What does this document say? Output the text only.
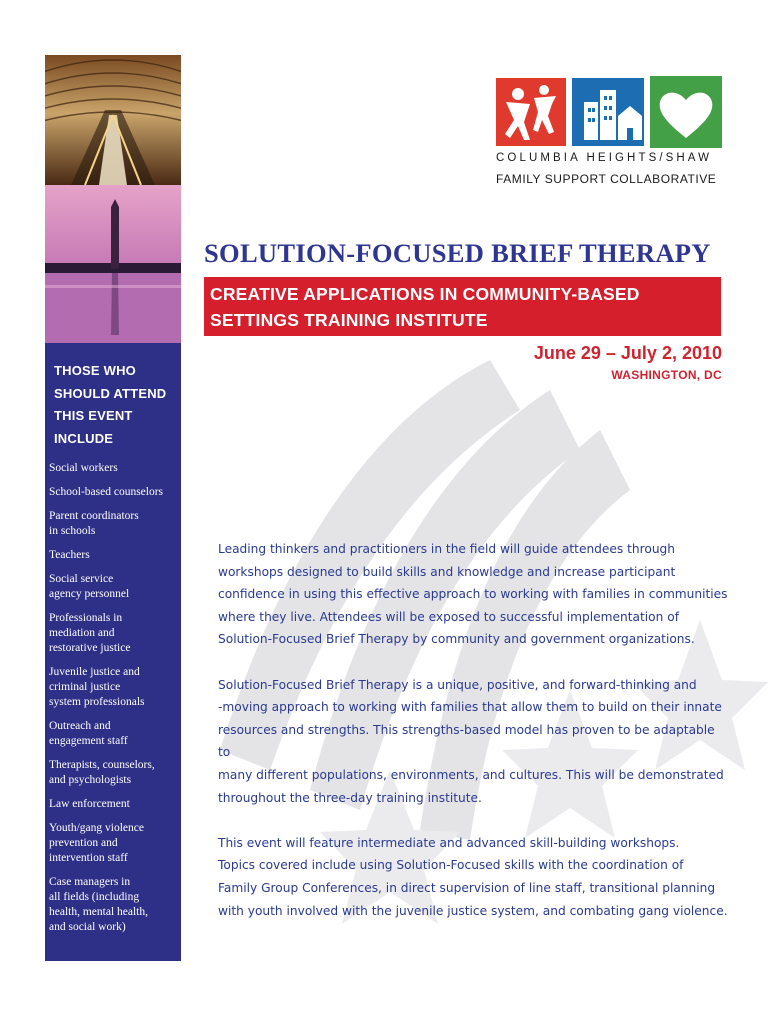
THOSE WHO
SHOULD ATTEND
THIS EVENT
INCLUDE
Social workers
School-based counselors
Parent coordinators
in schools
Teachers
Social service
agency personnel
Professionals in
mediation and
restorative justice
Juvenile justice and
criminal justice
system professionals
Outreach and
engagement staff
Therapists, counselors,
and psychologists
Law enforcement
Youth/gang violence
prevention and
intervention staff
Case managers in
all fields (including
health, mental health,
and social work)
COLUMBIA HEIGHTS/SHAW
FAMILY SUPPORT COLLABORATIVE
SOLUTION-FOCUSED BRIEF THERAPY
CREATIVE APPLICATIONS IN COMMUNITY-BASED
SETTINGS TRAINING INSTITUTE
June 29 – July 2, 2010
WASHINGTON, DC

Leading thinkers and practitioners in the field will guide attendees through
workshops designed to build skills and knowledge and increase participant
confidence in using this effective approach to working with families in communities
where they live. Attendees will be exposed to successful implementation of
Solution-Focused Brief Therapy by community and government organizations.

Solution-Focused Brief Therapy is a unique, positive, and forward-thinking and
-moving approach to working with families that allow them to build on their innate
resources and strengths. This strengths-based model has proven to be adaptable to
many different populations, environments, and cultures. This will be demonstrated
throughout the three-day training institute.

This event will feature intermediate and advanced skill-building workshops.
Topics covered include using Solution-Focused skills with the coordination of
Family Group Conferences, in direct supervision of line staff, transitional planning
with youth involved with the juvenile justice system, and combating gang violence.
